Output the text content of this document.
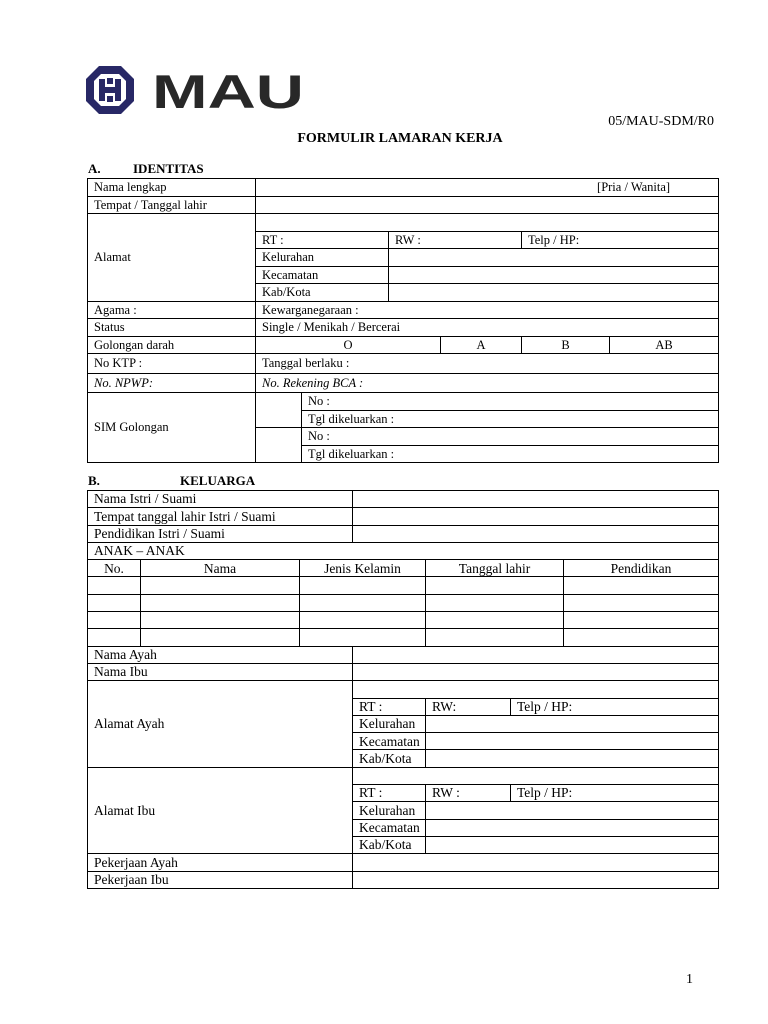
MAU
05/MAU-SDM/R0
FORMULIR LAMARAN KERJA
A. IDENTITAS
Nama lengkap	[Pria / Wanita]					
Tempat / Tanggal lahir						
Alamat						
	RT :		RW :		Telp / HP:	
	Kelurahan					
	Kecamatan					
	Kab/Kota					
Agama :	Kewarganegaraan :					
Status	Single / Menikah / Bercerai					
Golongan darah	O			A	B	AB
No KTP :	Tanggal berlaku :					
No. NPWP:	No. Rekening BCA :					
SIM Golongan		No :				
		Tgl dikeluarkan :				
		No :				
		Tgl dikeluarkan :				
B.	KELUARGA
Nama Istri / Suami						
Tempat tanggal lahir Istri / Suami						
Pendidikan Istri / Suami						
ANAK – ANAK						
No.	Nama	Jenis Kelamin		Tanggal lahir		Pendidikan

Nama Ayah						
Nama Ibu						
Alamat Ayah						
			RT :	RW:	Telp / HP:	
			Kelurahan			
			Kecamatan			
			Kab/Kota			
Alamat Ibu						
			RT :	RW :	Telp / HP:	
			Kelurahan			
			Kecamatan			
			Kab/Kota			
Pekerjaan Ayah						
Pekerjaan Ibu						
1
